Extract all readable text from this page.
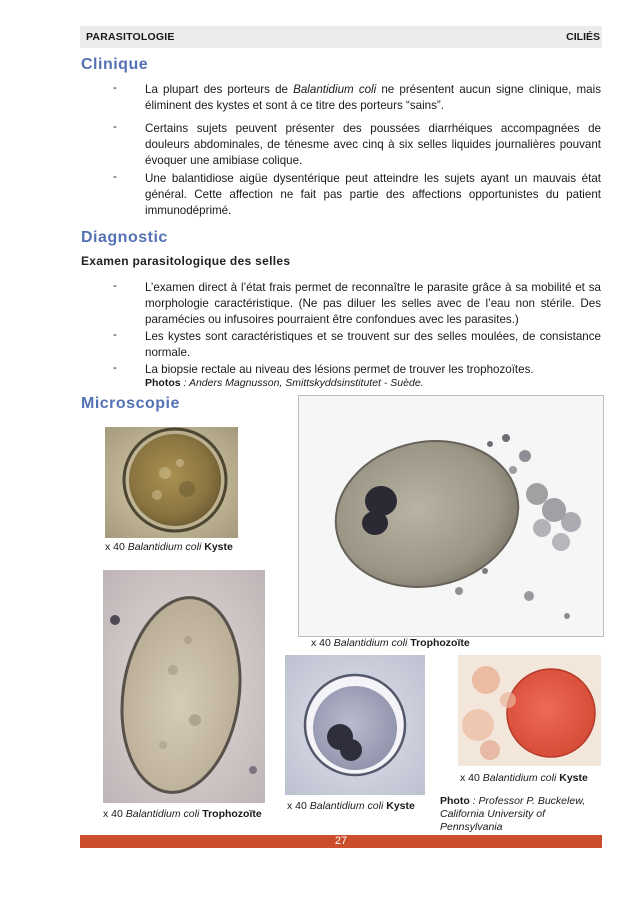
PARASITOLOGIE	CILIÉS
Clinique
- La plupart des porteurs de Balantidium coli ne présentent aucun signe clinique, mais éliminent des kystes et sont à ce titre des porteurs “sains”.
- Certains sujets peuvent présenter des poussées diarrhéiques accompagnées de douleurs abdominales, de ténesme avec cinq à six selles liquides journalières pouvant évoquer une amibiase colique.
- Une balantidiose aigüe dysentérique peut atteindre les sujets ayant un mauvais état général. Cette affection ne fait pas partie des affections opportunistes du patient immunodéprimé.
Diagnostic
Examen parasitologique des selles
- L’examen direct à l’état frais permet de reconnaître le parasite grâce à sa mobilité et sa morphologie caractéristique. (Ne pas diluer les selles avec de l’eau non stérile. Des paramécies ou infusoires pourraient être confondues avec les parasites.)
- Les kystes sont caractéristiques et se trouvent sur des selles moulées, de consistance normale.
- La biopsie rectale au niveau des lésions permet de trouver les trophozoïtes.
Photos : Anders Magnusson, Smittskyddsinstitutet - Suède.
Microscopie
x 40 Balantidium coli Kyste
x 40 Balantidium coli Trophozoïte
x 40 Balantidium coli Trophozoïte
x 40 Balantidium coli Kyste
x 40 Balantidium coli Kyste
Photo : Professor P. Buckelew,
California University of
Pennsylvania
27
